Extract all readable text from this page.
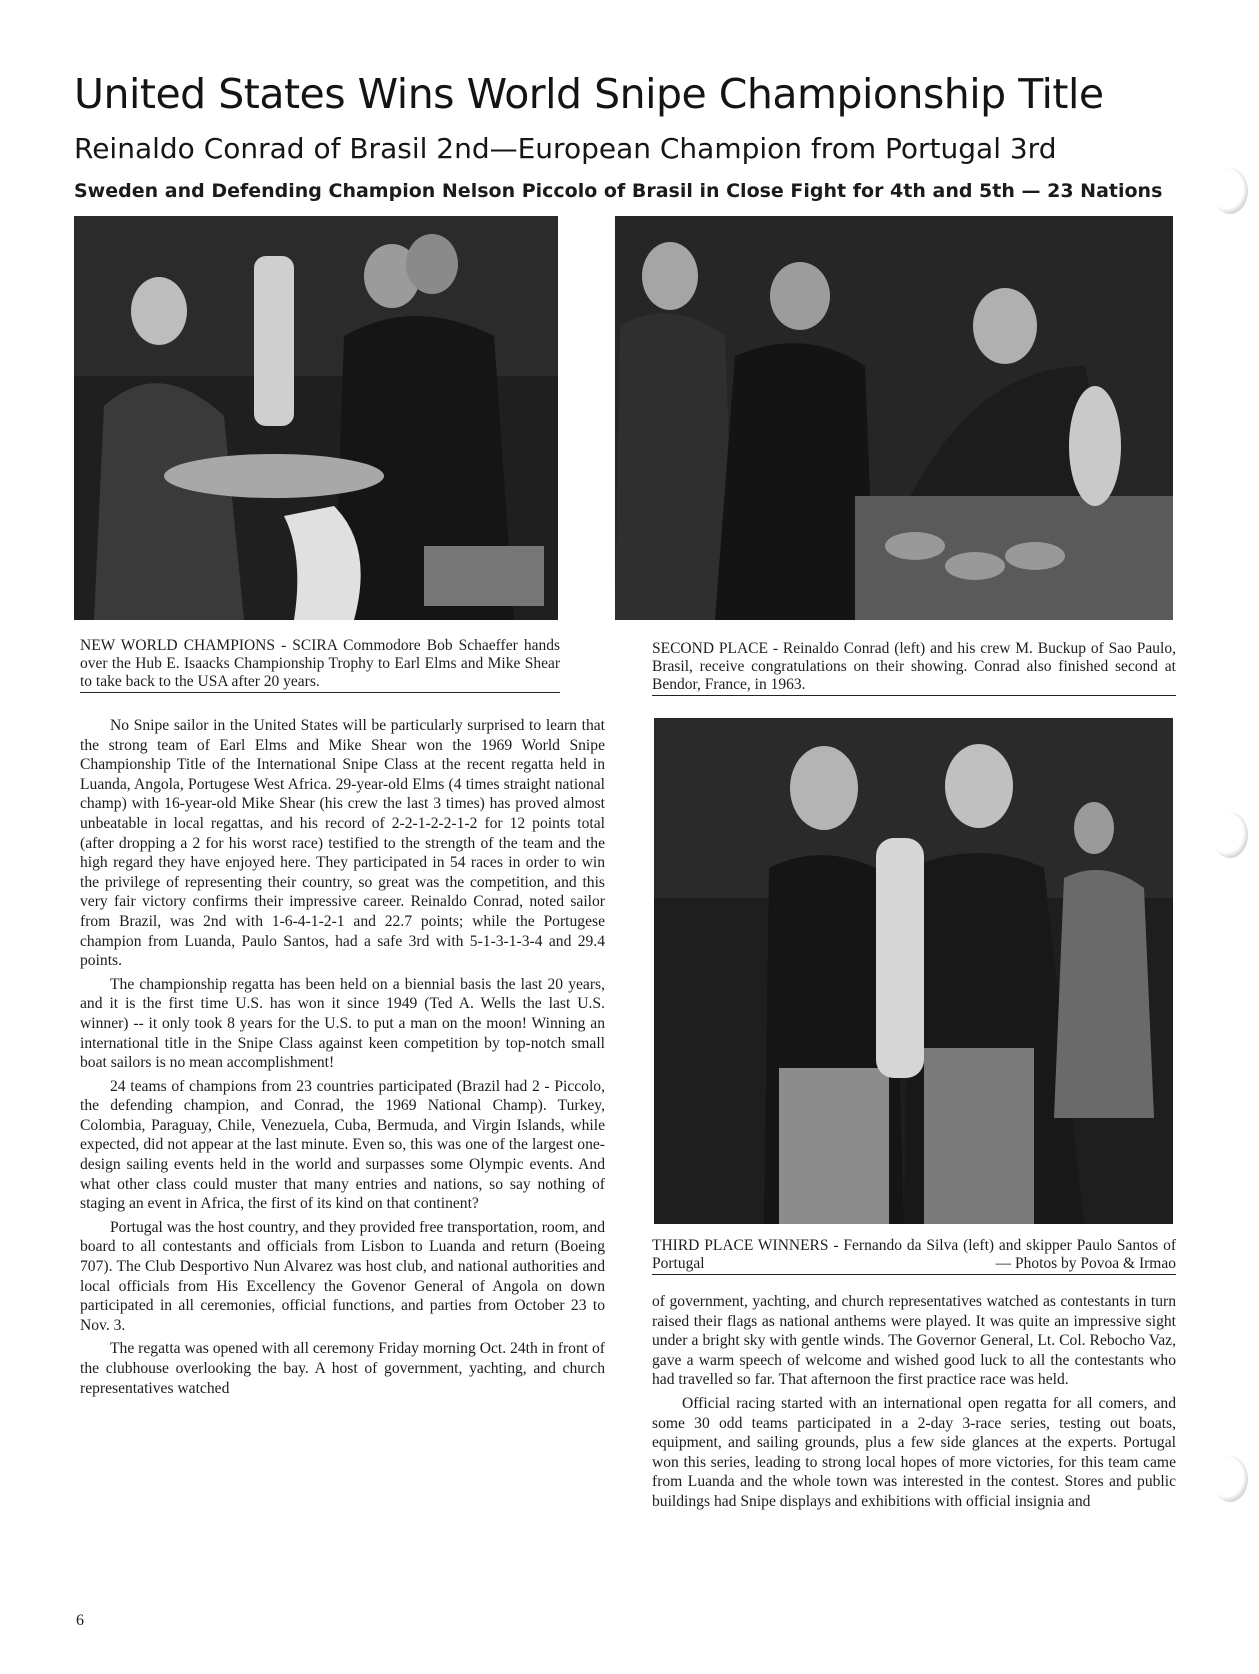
United States Wins World Snipe Championship Title
Reinaldo Conrad of Brasil 2nd—European Champion from Portugal 3rd
Sweden and Defending Champion Nelson Piccolo of Brasil in Close Fight for 4th and 5th — 23 Nations
NEW WORLD CHAMPIONS - SCIRA Commodore Bob Schaeffer hands over the Hub E. Isaacks Championship Trophy to Earl Elms and Mike Shear to take back to the USA after 20 years.
SECOND PLACE - Reinaldo Conrad (left) and his crew M. Buckup of Sao Paulo, Brasil, receive congratulations on their showing. Conrad also finished second at Bendor, France, in 1963.
THIRD PLACE WINNERS - Fernando da Silva (left) and skipper Paulo Santos of Portugal	— Photos by Povoa & Irmao

No Snipe sailor in the United States will be particularly surprised to learn that the strong team of Earl Elms and Mike Shear won the 1969 World Snipe Championship Title of the International Snipe Class at the recent regatta held in Luanda, Angola, Portugese West Africa. 29-year-old Elms (4 times straight national champ) with 16-year-old Mike Shear (his crew the last 3 times) has proved almost unbeatable in local regattas, and his record of 2-2-1-2-2-1-2 for 12 points total (after dropping a 2 for his worst race) testified to the strength of the team and the high regard they have enjoyed here. They participated in 54 races in order to win the privilege of representing their country, so great was the competition, and this very fair victory confirms their impressive career. Reinaldo Conrad, noted sailor from Brazil, was 2nd with 1-6-4-1-2-1 and 22.7 points; while the Portugese champion from Luanda, Paulo Santos, had a safe 3rd with 5-1-3-1-3-4 and 29.4 points.

The championship regatta has been held on a biennial basis the last 20 years, and it is the first time U.S. has won it since 1949 (Ted A. Wells the last U.S. winner) -- it only took 8 years for the U.S. to put a man on the moon! Winning an international title in the Snipe Class against keen competition by top-notch small boat sailors is no mean accomplishment!

24 teams of champions from 23 countries participated (Brazil had 2 - Piccolo, the defending champion, and Conrad, the 1969 National Champ). Turkey, Colombia, Paraguay, Chile, Venezuela, Cuba, Bermuda, and Virgin Islands, while expected, did not appear at the last minute. Even so, this was one of the largest one-design sailing events held in the world and surpasses some Olympic events. And what other class could muster that many entries and nations, so say nothing of staging an event in Africa, the first of its kind on that continent?

Portugal was the host country, and they provided free transportation, room, and board to all contestants and officials from Lisbon to Luanda and return (Boeing 707). The Club Desportivo Nun Alvarez was host club, and national authorities and local officials from His Excellency the Govenor General of Angola on down participated in all ceremonies, official functions, and parties from October 23 to Nov. 3.

The regatta was opened with all ceremony Friday morning Oct. 24th in front of the clubhouse overlooking the bay. A host of government, yachting, and church representatives watched

of government, yachting, and church representatives watched as contestants in turn raised their flags as national anthems were played. It was quite an impressive sight under a bright sky with gentle winds. The Governor General, Lt. Col. Rebocho Vaz, gave a warm speech of welcome and wished good luck to all the contestants who had travelled so far. That afternoon the first practice race was held.

Official racing started with an international open regatta for all comers, and some 30 odd teams participated in a 2-day 3-race series, testing out boats, equipment, and sailing grounds, plus a few side glances at the experts. Portugal won this series, leading to strong local hopes of more victories, for this team came from Luanda and the whole town was interested in the contest. Stores and public buildings had Snipe displays and exhibitions with official insignia and

6
